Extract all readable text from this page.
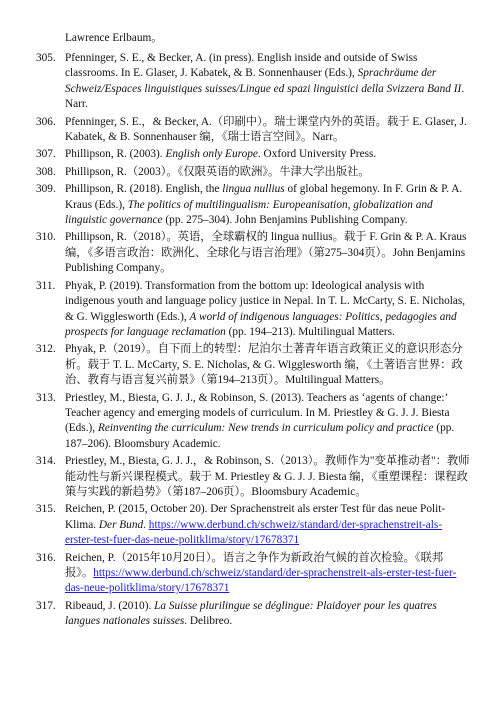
Lawrence Erlbaum。

305. Pfenninger, S. E., & Becker, A. (in press). English inside and outside of Swiss classrooms. In E. Glaser, J. Kabatek, & B. Sonnenhauser (Eds.), Sprachräume der Schweiz/Espaces linguistiques suisses/Lingue ed spazi linguistici della Svizzera Band II. Narr.
306. Pfenninger, S. E.，& Becker, A.（印刷中）。瑞士课堂内外的英语。载于 E. Glaser, J. Kabatek, & B. Sonnenhauser 编，《瑞士语言空间》。Narr。
307. Phillipson, R. (2003). English only Europe. Oxford University Press.
308. Phillipson, R.（2003）。《仅限英语的欧洲》。牛津大学出版社。
309. Phillipson, R. (2018). English, the lingua nullius of global hegemony. In F. Grin & P. A. Kraus (Eds.), The politics of multilingualism: Europeanisation, globalization and linguistic governance (pp. 275–304). John Benjamins Publishing Company.
310. Phillipson, R.（2018）。英语，全球霸权的 lingua nullius。载于 F. Grin & P. A. Kraus 编，《多语言政治：欧洲化、全球化与语言治理》（第275–304页）。John Benjamins Publishing Company。
311. Phyak, P. (2019). Transformation from the bottom up: Ideological analysis with indigenous youth and language policy justice in Nepal. In T. L. McCarty, S. E. Nicholas, & G. Wigglesworth (Eds.), A world of indigenous languages: Politics, pedagogies and prospects for language reclamation (pp. 194–213). Multilingual Matters.
312. Phyak, P.（2019）。自下而上的转型：尼泊尔土著青年语言政策正义的意识形态分析。载于 T. L. McCarty, S. E. Nicholas, & G. Wigglesworth 编，《土著语言世界：政治、教育与语言复兴前景》（第194–213页）。Multilingual Matters。
313. Priestley, M., Biesta, G. J. J., & Robinson, S. (2013). Teachers as ‘agents of change:’ Teacher agency and emerging models of curriculum. In M. Priestley & G. J. J. Biesta (Eds.), Reinventing the curriculum: New trends in curriculum policy and practice (pp. 187–206). Bloomsbury Academic.
314. Priestley, M., Biesta, G. J. J.，& Robinson, S.（2013）。教师作为"变革推动者"：教师能动性与新兴课程模式。载于 M. Priestley & G. J. J. Biesta 编，《重塑课程：课程政策与实践的新趋势》（第187–206页）。Bloomsbury Academic。
315. Reichen, P. (2015, October 20). Der Sprachenstreit als erster Test für das neue Polit-Klima. Der Bund. https://www.derbund.ch/schweiz/standard/der-sprachenstreit-als-erster-test-fuer-das-neue-politklima/story/17678371
316. Reichen, P.（2015年10月20日）。语言之争作为新政治气候的首次检验。《联邦报》。https://www.derbund.ch/schweiz/standard/der-sprachenstreit-als-erster-test-fuer-das-neue-politklima/story/17678371
317. Ribeaud, J. (2010). La Suisse plurilingue se déglingue: Plaidoyer pour les quatres langues nationales suisses. Delibreo.
